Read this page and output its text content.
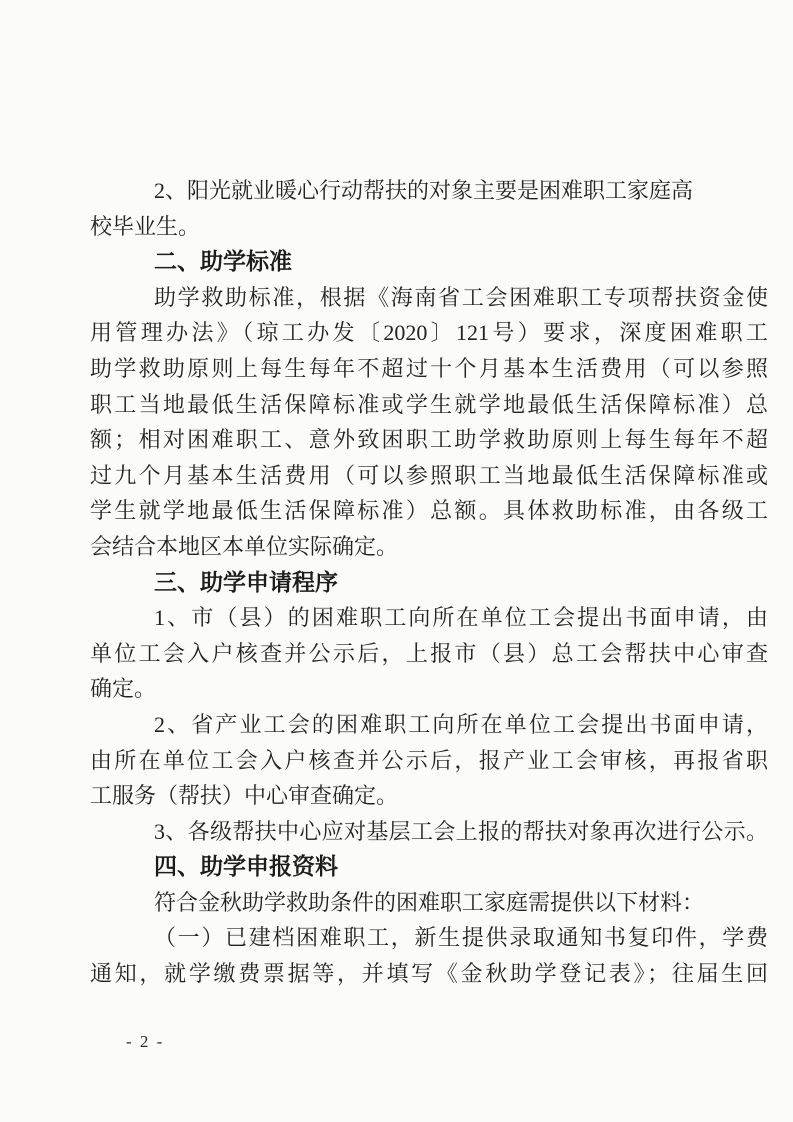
2、阳光就业暖心行动帮扶的对象主要是困难职工家庭高
校毕业生。
二、助学标准
助学救助标准，根据《海南省工会困难职工专项帮扶资金使
用管理办法》（琼工办发〔2020〕121号）要求，深度困难职工
助学救助原则上每生每年不超过十个月基本生活费用（可以参照
职工当地最低生活保障标准或学生就学地最低生活保障标准）总
额；相对困难职工、意外致困职工助学救助原则上每生每年不超
过九个月基本生活费用（可以参照职工当地最低生活保障标准或
学生就学地最低生活保障标准）总额。具体救助标准，由各级工
会结合本地区本单位实际确定。
三、助学申请程序
1、市（县）的困难职工向所在单位工会提出书面申请，由
单位工会入户核查并公示后，上报市（县）总工会帮扶中心审查
确定。
2、省产业工会的困难职工向所在单位工会提出书面申请，
由所在单位工会入户核查并公示后，报产业工会审核，再报省职
工服务（帮扶）中心审查确定。
3、各级帮扶中心应对基层工会上报的帮扶对象再次进行公示。
四、助学申报资料
符合金秋助学救助条件的困难职工家庭需提供以下材料：
（一）已建档困难职工，新生提供录取通知书复印件，学费
通知，就学缴费票据等，并填写《金秋助学登记表》；往届生回
- 2 -
